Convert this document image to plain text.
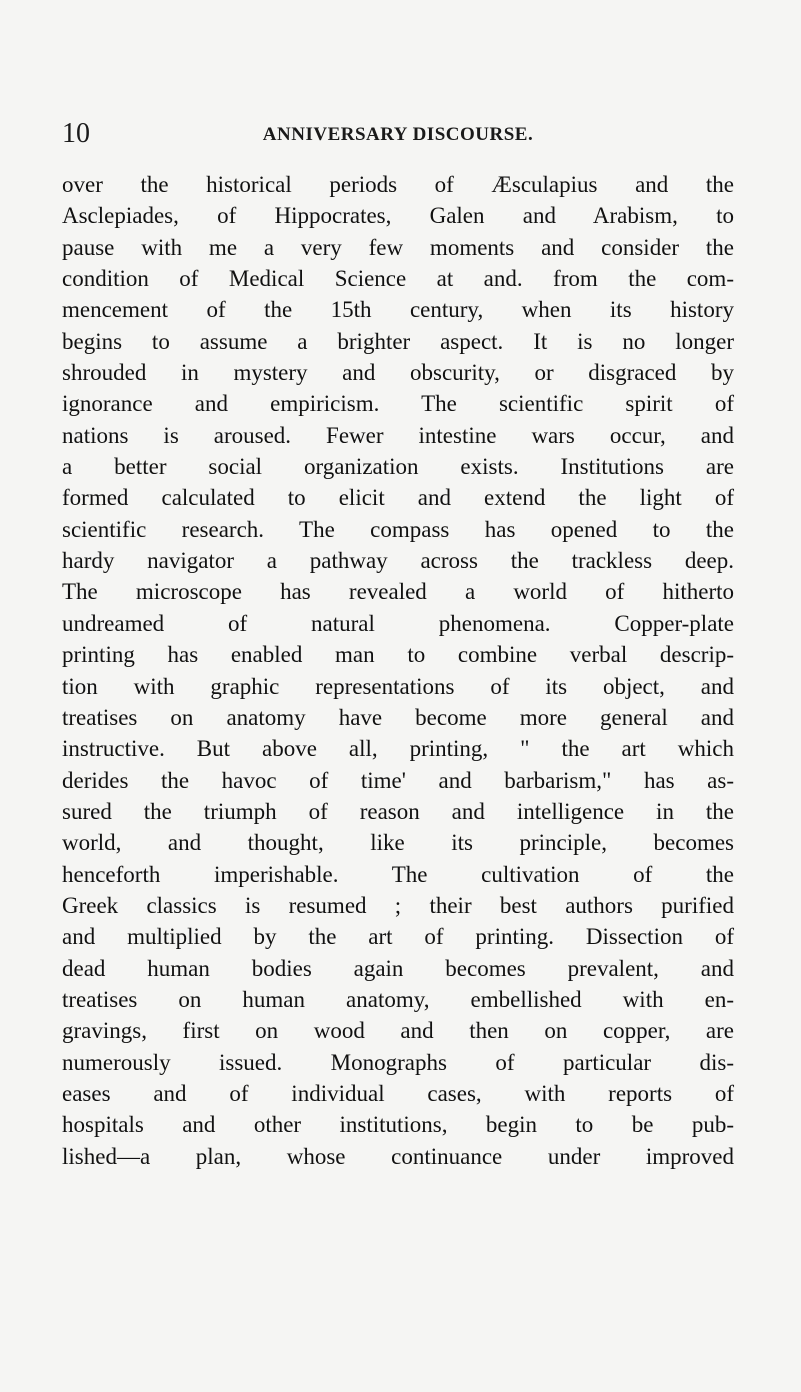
10	ANNIVERSARY DISCOURSE.
over the historical periods of Æsculapius and the
Asclepiades, of Hippocrates, Galen and Arabism, to
pause with me a very few moments and consider the
condition of Medical Science at and. from the com-
mencement of the 15th century, when its history
begins to assume a brighter aspect. It is no longer
shrouded in mystery and obscurity, or disgraced by
ignorance and empiricism. The scientific spirit of
nations is aroused. Fewer intestine wars occur, and
a better social organization exists. Institutions are
formed calculated to elicit and extend the light of
scientific research. The compass has opened to the
hardy navigator a pathway across the trackless deep.
The microscope has revealed a world of hitherto
undreamed of natural phenomena. Copper-plate
printing has enabled man to combine verbal descrip-
tion with graphic representations of its object, and
treatises on anatomy have become more general and
instructive. But above all, printing, " the art which
derides the havoc of time' and barbarism," has as-
sured the triumph of reason and intelligence in the
world, and thought, like its principle, becomes
henceforth imperishable. The cultivation of the
Greek classics is resumed ; their best authors purified
and multiplied by the art of printing. Dissection of
dead human bodies again becomes prevalent, and
treatises on human anatomy, embellished with en-
gravings, first on wood and then on copper, are
numerously issued. Monographs of particular dis-
eases and of individual cases, with reports of
hospitals and other institutions, begin to be pub-
lished—a plan, whose continuance under improved
